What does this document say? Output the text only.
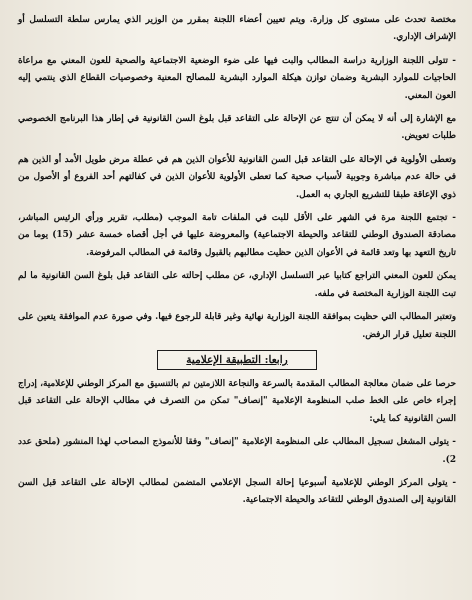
مختصة تحدث على مستوى كل وزارة. ويتم تعيين أعضاء اللجنة بمقرر من الوزير الذي يمارس سلطة التسلسل أو الإشراف الإداري.

- تتولى اللجنة الوزارية دراسة المطالب والبت فيها على ضوء الوضعية الاجتماعية والصحية للعون المعني مع مراعاة الحاجيات للموارد البشرية وضمان توازن هيكلة الموارد البشرية للمصالح المعنية وخصوصيات القطاع الذي ينتمي إليه العون المعني.

مع الإشارة إلى أنه لا يمكن أن تنتج عن الإحالة على التقاعد قبل بلوغ السن القانونية في إطار هذا البرنامج الخصوصي طلبات تعويض.

وتعطى الأولوية في الإحالة على التقاعد قبل السن القانونية للأعوان الذين هم في عطلة مرض طويل الأمد أو الذين هم في حالة عدم مباشرة وجوبية لأسباب صحية كما تعطى الأولوية للأعوان الذين في كفالتهم أحد الفروع أو الأصول من ذوي الإعاقة طبقا للتشريع الجاري به العمل.

- تجتمع اللجنة مرة في الشهر على الأقل للبت في الملفات تامة الموجب (مطلب، تقرير ورأي الرئيس المباشر، مصادقة الصندوق الوطني للتقاعد والحيطة الاجتماعية) والمعروضة عليها في أجل أقصاه خمسة عشر (15) يوما من تاريخ التعهد بها وتعد قائمة في الأعوان الذين حظيت مطالبهم بالقبول وقائمة في المطالب المرفوضة.

يمكن للعون المعني التراجع كتابيا عبر التسلسل الإداري، عن مطلب إحالته على التقاعد قبل بلوغ السن القانونية ما لم تبت اللجنة الوزارية المختصة في ملفه.

وتعتبر المطالب التي حظيت بموافقة اللجنة الوزارية نهائية وغير قابلة للرجوع فيها. وفي صورة عدم الموافقة يتعين على اللجنة تعليل قرار الرفض.

رابعا: التطبيقة الإعلامية

حرصا على ضمان معالجة المطالب المقدمة بالسرعة والنجاعة اللازمتين تم بالتنسيق مع المركز الوطني للإعلامية، إدراج إجراء خاص على الخط صلب المنظومة الإعلامية "إنصاف" تمكن من التصرف في مطالب الإحالة على التقاعد قبل السن القانونية كما يلي:

- يتولى المشغل تسجيل المطالب على المنظومة الإعلامية "إنصاف" وفقا للأنموذج المصاحب لهذا المنشور (ملحق عدد 2).

- يتولى المركز الوطني للإعلامية أسبوعيا إحالة السجل الإعلامي المتضمن لمطالب الإحالة على التقاعد قبل السن القانونية إلى الصندوق الوطني للتقاعد والحيطة الاجتماعية.
